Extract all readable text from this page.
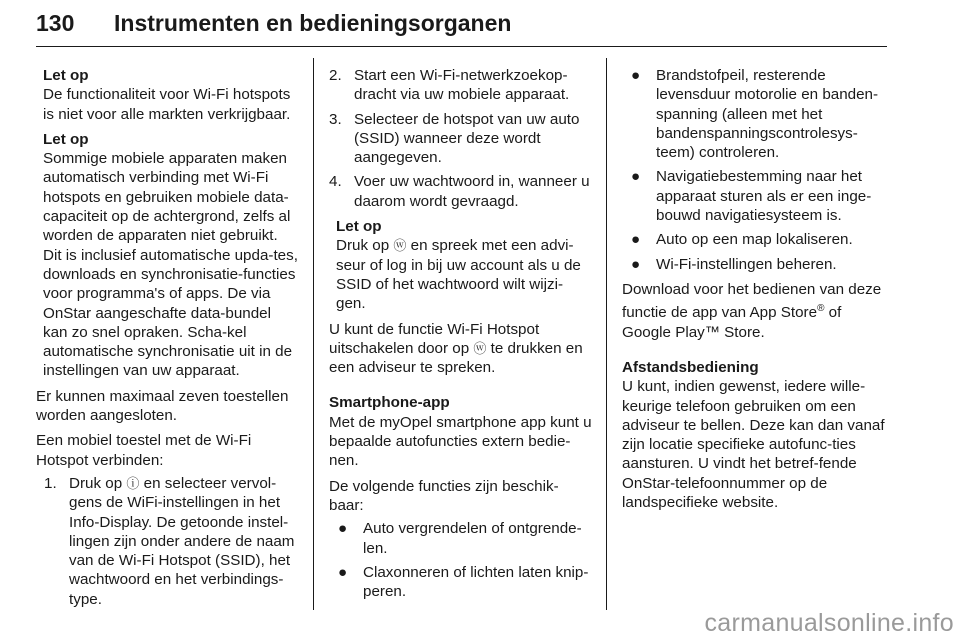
130 Instrumenten en bedieningsorganen

Let op

De functionaliteit voor Wi-Fi hotspots is niet voor alle markten verkrijgbaar.

Let op

Sommige mobiele apparaten maken automatisch verbinding met Wi-Fi hotspots en gebruiken mobiele data-capaciteit op de achtergrond, zelfs al worden de apparaten niet gebruikt. Dit is inclusief automatische upda-tes, downloads en synchronisatie-functies voor programma's of apps. De via OnStar aangeschafte data-bundel kan zo snel opraken. Scha-kel automatische synchronisatie uit in de instellingen van uw apparaat.

Er kunnen maximaal zeven toestellen worden aangesloten.

Een mobiel toestel met de Wi-Fi Hotspot verbinden:

1. Druk op ⓘ en selecteer vervol-gens de WiFi-instellingen in het Info-Display. De getoonde instel-lingen zijn onder andere de naam van de Wi-Fi Hotspot (SSID), het wachtwoord en het verbindings-type.
2. Start een Wi-Fi-netwerkzoekop-dracht via uw mobiele apparaat.
3. Selecteer de hotspot van uw auto (SSID) wanneer deze wordt aangegeven.
4. Voer uw wachtwoord in, wanneer u daarom wordt gevraagd.

Let op

Druk op ⓦ en spreek met een advi-seur of log in bij uw account als u de SSID of het wachtwoord wilt wijzi-gen.

U kunt de functie Wi-Fi Hotspot uitschakelen door op ⓦ te drukken en een adviseur te spreken.

Smartphone-app

Met de myOpel smartphone app kunt u bepaalde autofuncties extern bedie-nen.

De volgende functies zijn beschik-baar:

● Auto vergrendelen of ontgrende-len.
● Claxonneren of lichten laten knip-peren.
● Brandstofpeil, resterende levensduur motorolie en banden-spanning (alleen met het bandenspanningscontrolesys-teem) controleren.
● Navigatiebestemming naar het apparaat sturen als er een inge-bouwd navigatiesysteem is.
● Auto op een map lokaliseren.
● Wi-Fi-instellingen beheren.

Download voor het bedienen van deze functie de app van App Store® of Google Play™ Store.

Afstandsbediening

U kunt, indien gewenst, iedere wille-keurige telefoon gebruiken om een adviseur te bellen. Deze kan dan vanaf zijn locatie specifieke autofunc-ties aansturen. U vindt het betref-fende OnStar-telefoonnummer op de landspecifieke website.

carmanualsonline.info
